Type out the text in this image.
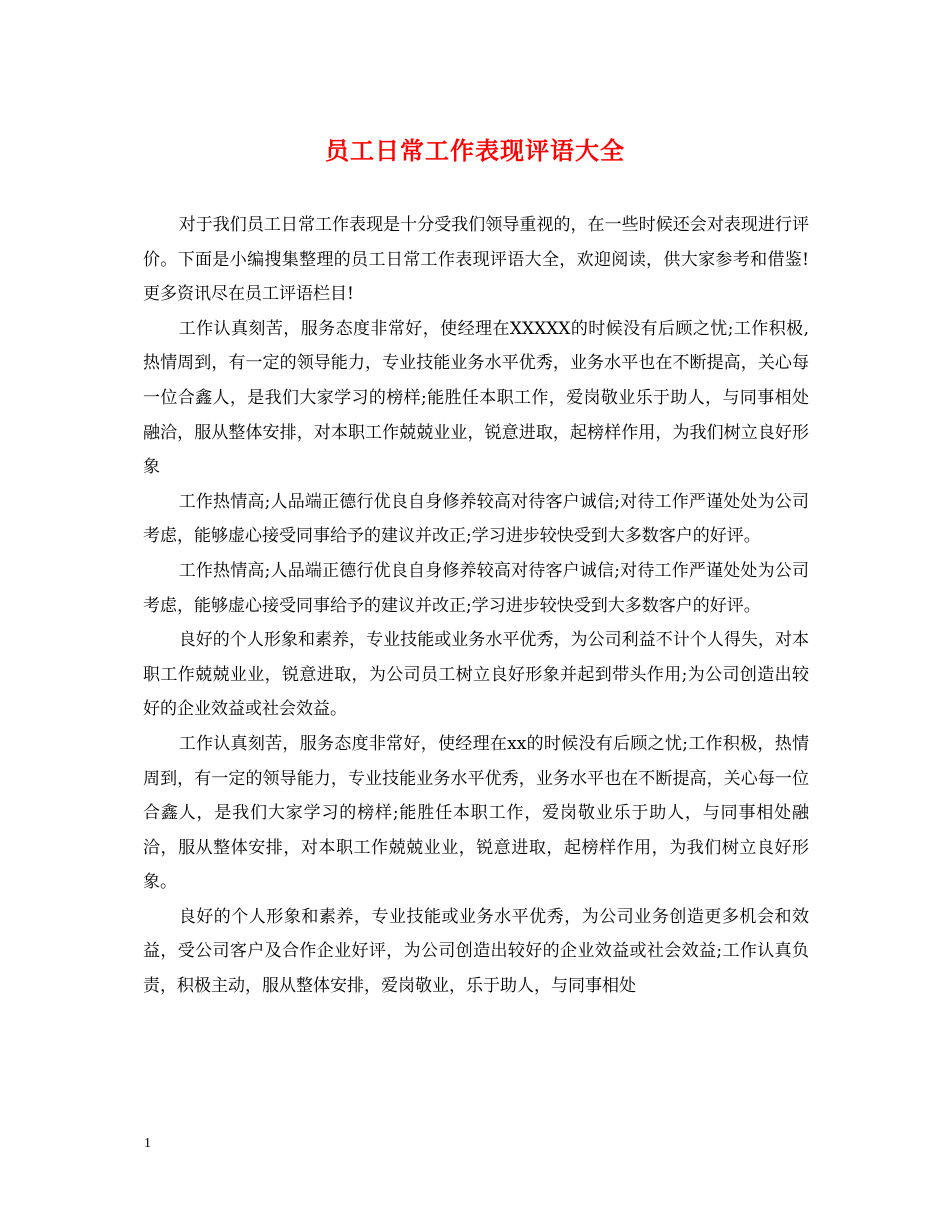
员工日常工作表现评语大全

对于我们员工日常工作表现是十分受我们领导重视的，在一些时候还会对表现进行评价。下面是小编搜集整理的员工日常工作表现评语大全，欢迎阅读，供大家参考和借鉴!更多资讯尽在员工评语栏目!

工作认真刻苦，服务态度非常好，使经理在XXXXX的时候没有后顾之忧;工作积极,热情周到，有一定的领导能力，专业技能业务水平优秀，业务水平也在不断提高，关心每一位合鑫人，是我们大家学习的榜样;能胜任本职工作，爱岗敬业乐于助人，与同事相处融洽，服从整体安排，对本职工作兢兢业业，锐意进取，起榜样作用，为我们树立良好形象

工作热情高;人品端正德行优良自身修养较高对待客户诚信;对待工作严谨处处为公司考虑，能够虚心接受同事给予的建议并改正;学习进步较快受到大多数客户的好评。

工作热情高;人品端正德行优良自身修养较高对待客户诚信;对待工作严谨处处为公司考虑，能够虚心接受同事给予的建议并改正;学习进步较快受到大多数客户的好评。

良好的个人形象和素养，专业技能或业务水平优秀，为公司利益不计个人得失，对本职工作兢兢业业，锐意进取，为公司员工树立良好形象并起到带头作用;为公司创造出较好的企业效益或社会效益。

工作认真刻苦，服务态度非常好，使经理在xx的时候没有后顾之忧;工作积极，热情周到，有一定的领导能力，专业技能业务水平优秀，业务水平也在不断提高，关心每一位合鑫人，是我们大家学习的榜样;能胜任本职工作，爱岗敬业乐于助人，与同事相处融洽，服从整体安排，对本职工作兢兢业业，锐意进取，起榜样作用，为我们树立良好形象。

良好的个人形象和素养，专业技能或业务水平优秀，为公司业务创造更多机会和效益，受公司客户及合作企业好评，为公司创造出较好的企业效益或社会效益;工作认真负责，积极主动，服从整体安排，爱岗敬业，乐于助人，与同事相处

1
